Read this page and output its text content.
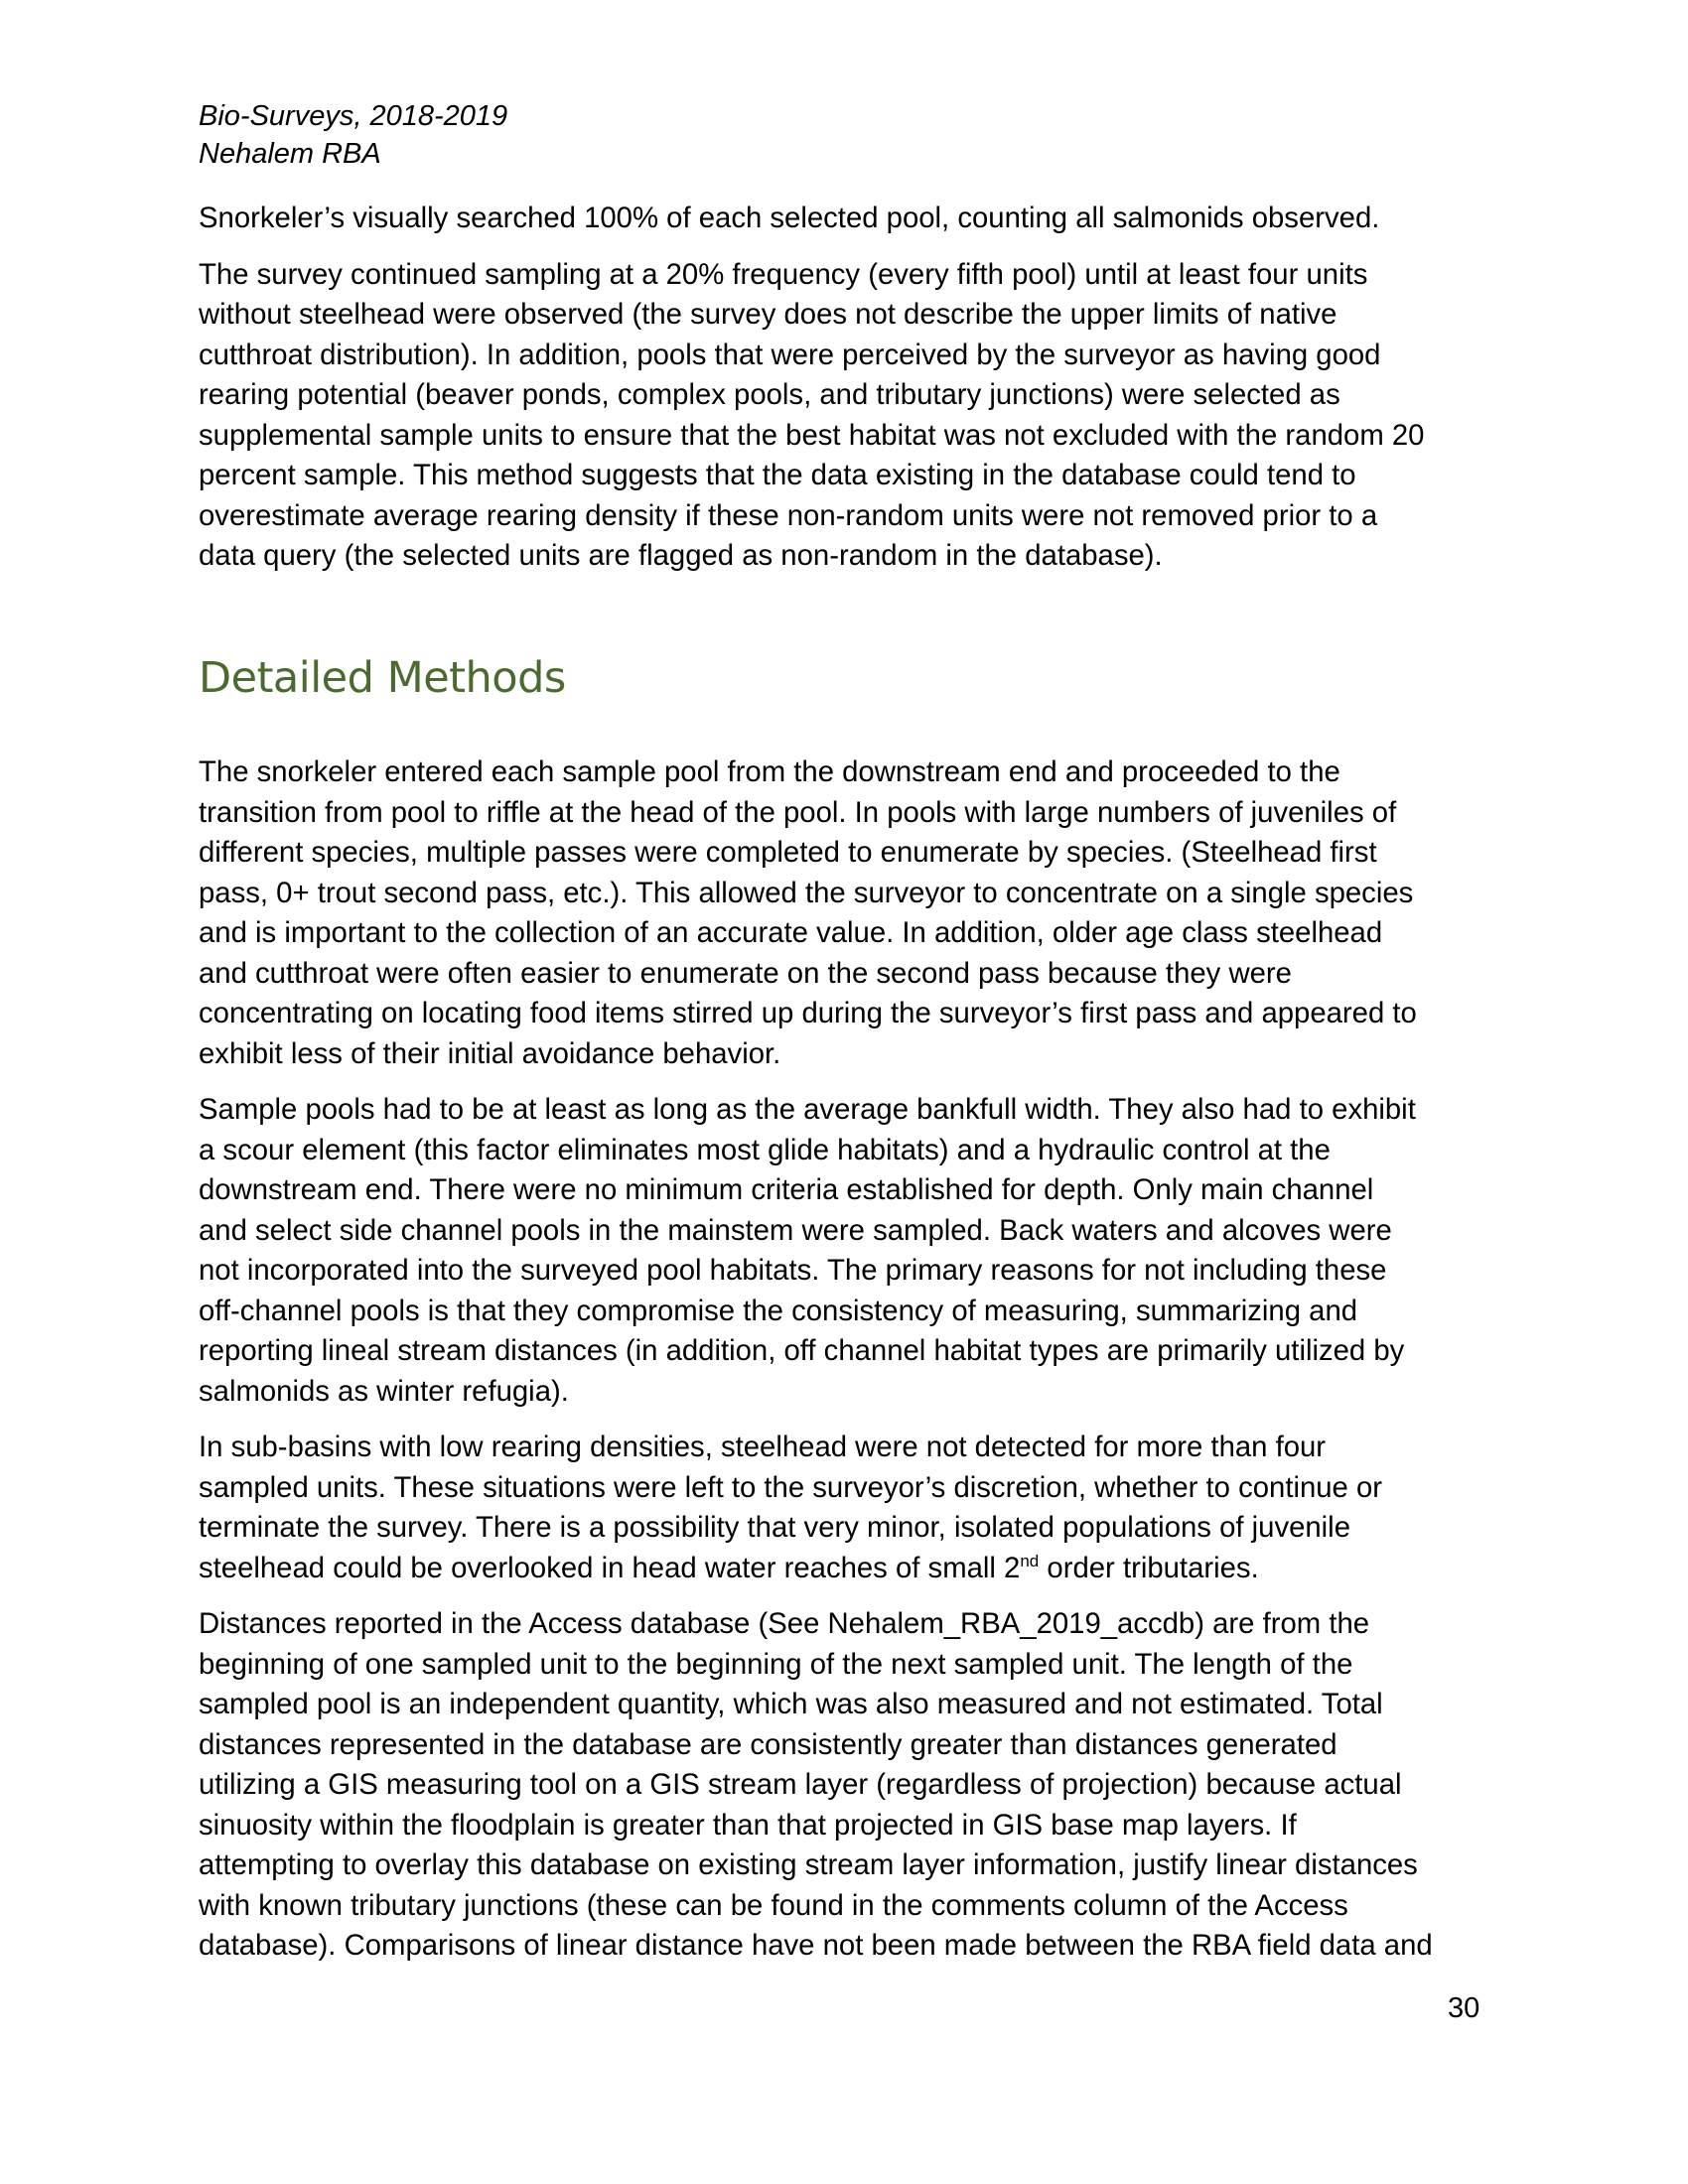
Bio-Surveys, 2018-2019
Nehalem RBA

Snorkeler’s visually searched 100% of each selected pool, counting all salmonids observed.

The survey continued sampling at a 20% frequency (every fifth pool) until at least four units
without steelhead were observed (the survey does not describe the upper limits of native
cutthroat distribution). In addition, pools that were perceived by the surveyor as having good
rearing potential (beaver ponds, complex pools, and tributary junctions) were selected as
supplemental sample units to ensure that the best habitat was not excluded with the random 20
percent sample. This method suggests that the data existing in the database could tend to
overestimate average rearing density if these non-random units were not removed prior to a
data query (the selected units are flagged as non-random in the database).

Detailed Methods

The snorkeler entered each sample pool from the downstream end and proceeded to the
transition from pool to riffle at the head of the pool. In pools with large numbers of juveniles of
different species, multiple passes were completed to enumerate by species. (Steelhead first
pass, 0+ trout second pass, etc.). This allowed the surveyor to concentrate on a single species
and is important to the collection of an accurate value. In addition, older age class steelhead
and cutthroat were often easier to enumerate on the second pass because they were
concentrating on locating food items stirred up during the surveyor’s first pass and appeared to
exhibit less of their initial avoidance behavior.

Sample pools had to be at least as long as the average bankfull width. They also had to exhibit
a scour element (this factor eliminates most glide habitats) and a hydraulic control at the
downstream end. There were no minimum criteria established for depth. Only main channel
and select side channel pools in the mainstem were sampled. Back waters and alcoves were
not incorporated into the surveyed pool habitats. The primary reasons for not including these
off-channel pools is that they compromise the consistency of measuring, summarizing and
reporting lineal stream distances (in addition, off channel habitat types are primarily utilized by
salmonids as winter refugia).

In sub-basins with low rearing densities, steelhead were not detected for more than four
sampled units. These situations were left to the surveyor’s discretion, whether to continue or
terminate the survey. There is a possibility that very minor, isolated populations of juvenile
steelhead could be overlooked in head water reaches of small 2nd order tributaries.

Distances reported in the Access database (See Nehalem_RBA_2019_accdb) are from the
beginning of one sampled unit to the beginning of the next sampled unit. The length of the
sampled pool is an independent quantity, which was also measured and not estimated. Total
distances represented in the database are consistently greater than distances generated
utilizing a GIS measuring tool on a GIS stream layer (regardless of projection) because actual
sinuosity within the floodplain is greater than that projected in GIS base map layers. If
attempting to overlay this database on existing stream layer information, justify linear distances
with known tributary junctions (these can be found in the comments column of the Access
database). Comparisons of linear distance have not been made between the RBA field data and

30
